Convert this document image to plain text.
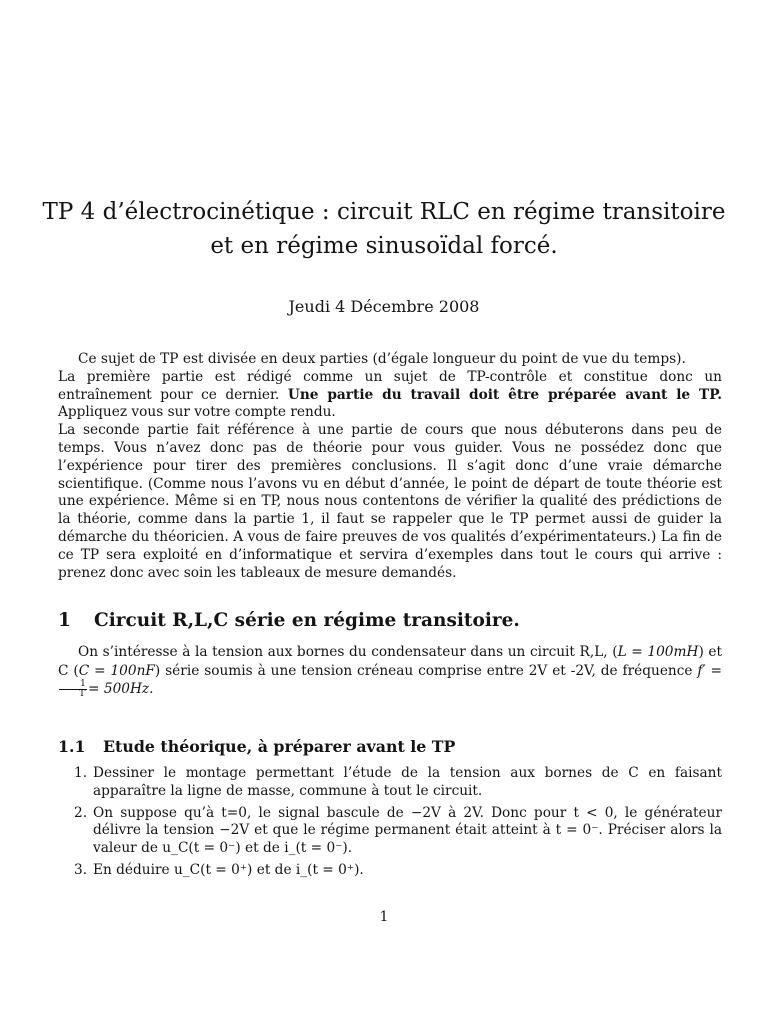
TP 4 d’électrocinétique : circuit RLC en régime transitoire et en régime sinusoïdal forcé.
Jeudi 4 Décembre 2008

Ce sujet de TP est divisée en deux parties (d’égale longueur du point de vue du temps).

La première partie est rédigé comme un sujet de TP-contrôle et constitue donc un entraînement pour ce dernier. Une partie du travail doit être préparée avant le TP. Appliquez vous sur votre compte rendu.

La seconde partie fait référence à une partie de cours que nous débuterons dans peu de temps. Vous n’avez donc pas de théorie pour vous guider. Vous ne possédez donc que l’expérience pour tirer des premières conclusions. Il s’agit donc d’une vraie démarche scientifique. (Comme nous l’avons vu en début d’année, le point de départ de toute théorie est une expérience. Même si en TP, nous nous contentons de vérifier la qualité des prédictions de la théorie, comme dans la partie 1, il faut se rappeler que le TP permet aussi de guider la démarche du théoricien. A vous de faire preuves de vos qualités d’expérimentateurs.) La fin de ce TP sera exploité en d’informatique et servira d’exemples dans tout le cours qui arrive : prenez donc avec soin les tableaux de mesure demandés.

1 Circuit R,L,C série en régime transitoire.

On s’intéresse à la tension aux bornes du condensateur dans un circuit R,L, (L = 100mH) et C (C = 100nF) série soumis à une tension créneau comprise entre 2V et -2V, de fréquence f′ =
$\frac{1}{T'} = 500Hz$.

1.1 Etude théorique, à préparer avant le TP
1. Dessiner le montage permettant l’étude de la tension aux bornes de C en faisant apparaître la ligne de masse, commune à tout le circuit.
2. On suppose qu’à t=0, le signal bascule de −2V à 2V. Donc pour t < 0, le générateur délivre la tension −2V et que le régime permanent était atteint à t = 0⁻. Préciser alors la valeur de u_C(t = 0⁻) et de i_(t = 0⁻).
3. En déduire u_C(t = 0⁺) et de i_(t = 0⁺).
1
